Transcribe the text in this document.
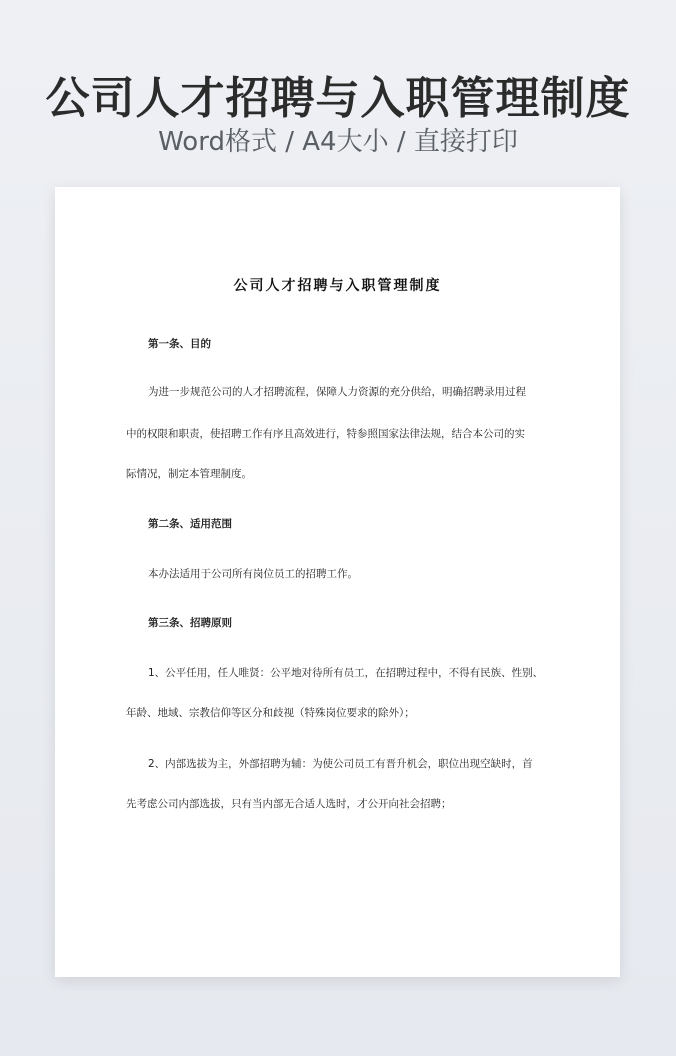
公司人才招聘与入职管理制度
Word格式 / A4大小 / 直接打印
公司人才招聘与入职管理制度
第一条、目的
为进一步规范公司的人才招聘流程，保障人力资源的充分供给，明确招聘录用过程
中的权限和职责，使招聘工作有序且高效进行，特参照国家法律法规，结合本公司的实
际情况，制定本管理制度。
第二条、适用范围
本办法适用于公司所有岗位员工的招聘工作。
第三条、招聘原则
1、公平任用，任人唯贤：公平地对待所有员工，在招聘过程中，不得有民族、性别、
年龄、地域、宗教信仰等区分和歧视（特殊岗位要求的除外）；
2、内部选拔为主，外部招聘为辅：为使公司员工有晋升机会，职位出现空缺时，首
先考虑公司内部选拔，只有当内部无合适人选时，才公开向社会招聘；
